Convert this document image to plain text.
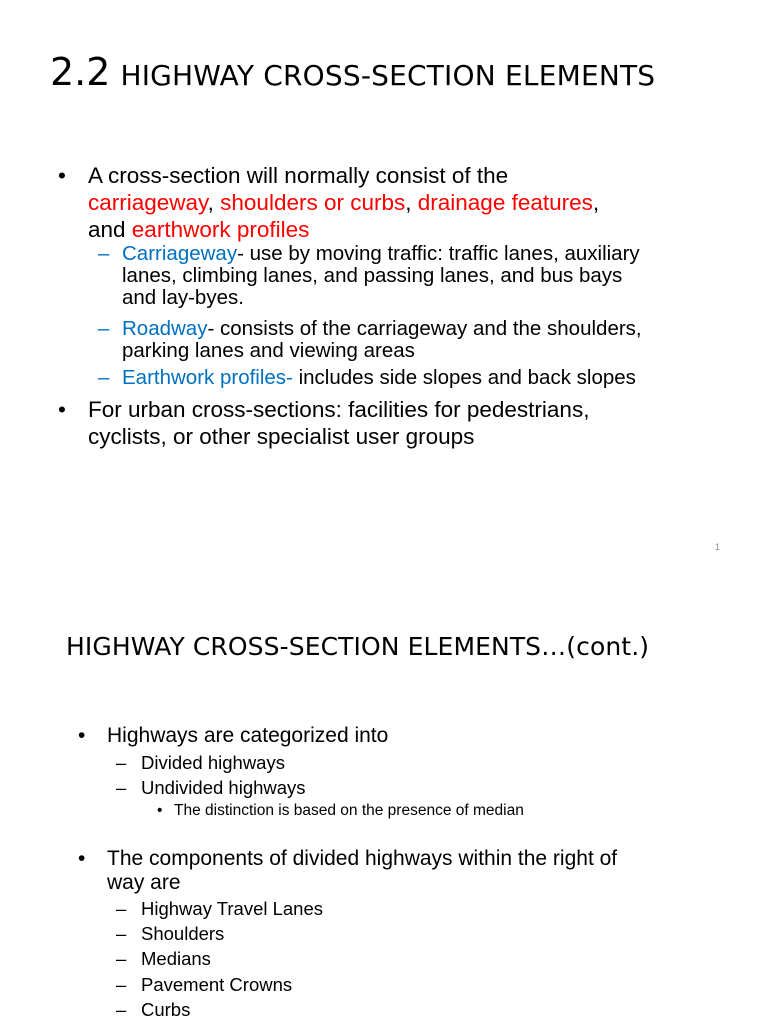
2.2 HIGHWAY CROSS-SECTION ELEMENTS
• A cross-section will normally consist of the
carriageway, shoulders or curbs, drainage features,
and earthwork profiles
– Carriageway- use by moving traffic: traffic lanes, auxiliary
lanes, climbing lanes, and passing lanes, and bus bays
and lay-byes.
– Roadway- consists of the carriageway and the shoulders,
parking lanes and viewing areas
– Earthwork profiles- includes side slopes and back slopes
• For urban cross-sections: facilities for pedestrians,
cyclists, or other specialist user groups
1
HIGHWAY CROSS-SECTION ELEMENTS…(cont.)
• Highways are categorized into
– Divided highways
– Undivided highways
• The distinction is based on the presence of median
• The components of divided highways within the right of
way are
– Highway Travel Lanes
– Shoulders
– Medians
– Pavement Crowns
– Curbs
